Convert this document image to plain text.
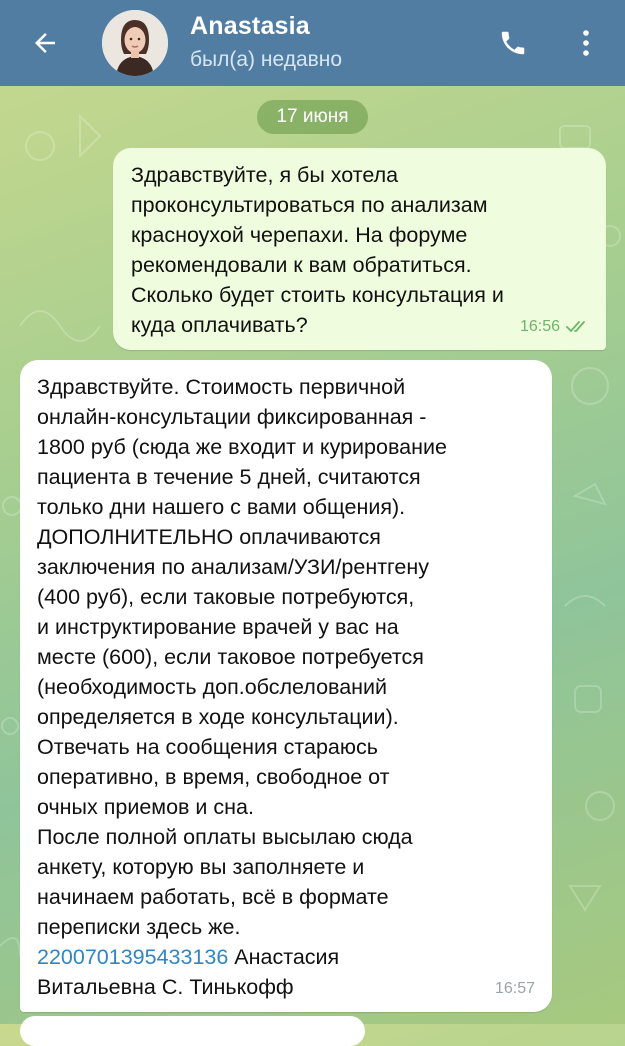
Anastasia
был(а) недавно
17 июня
Здравствуйте, я бы хотела
проконсультироваться по анализам
красноухой черепахи. На форуме
рекомендовали к вам обратиться.
Сколько будет стоить консультация и
куда оплачивать?	16:56
Здравствуйте. Стоимость первичной
онлайн-консультации фиксированная -
1800 руб (сюда же входит и курирование
пациента в течение 5 дней, считаются
только дни нашего с вами общения).
ДОПОЛНИТЕЛЬНО оплачиваются
заключения по анализам/УЗИ/рентгену
(400 руб), если таковые потребуются,
и инструктирование врачей у вас на
месте (600), если таковое потребуется
(необходимость доп.обслелований
определяется в ходе консультации).
Отвечать на сообщения стараюсь
оперативно, в время, свободное от
очных приемов и сна.
После полной оплаты высылаю сюда
анкету, которую вы заполняете и
начинаем работать, всё в формате
переписки здесь же.
2200701395433136 Анастасия
Витальевна С. Тинькофф	16:57
